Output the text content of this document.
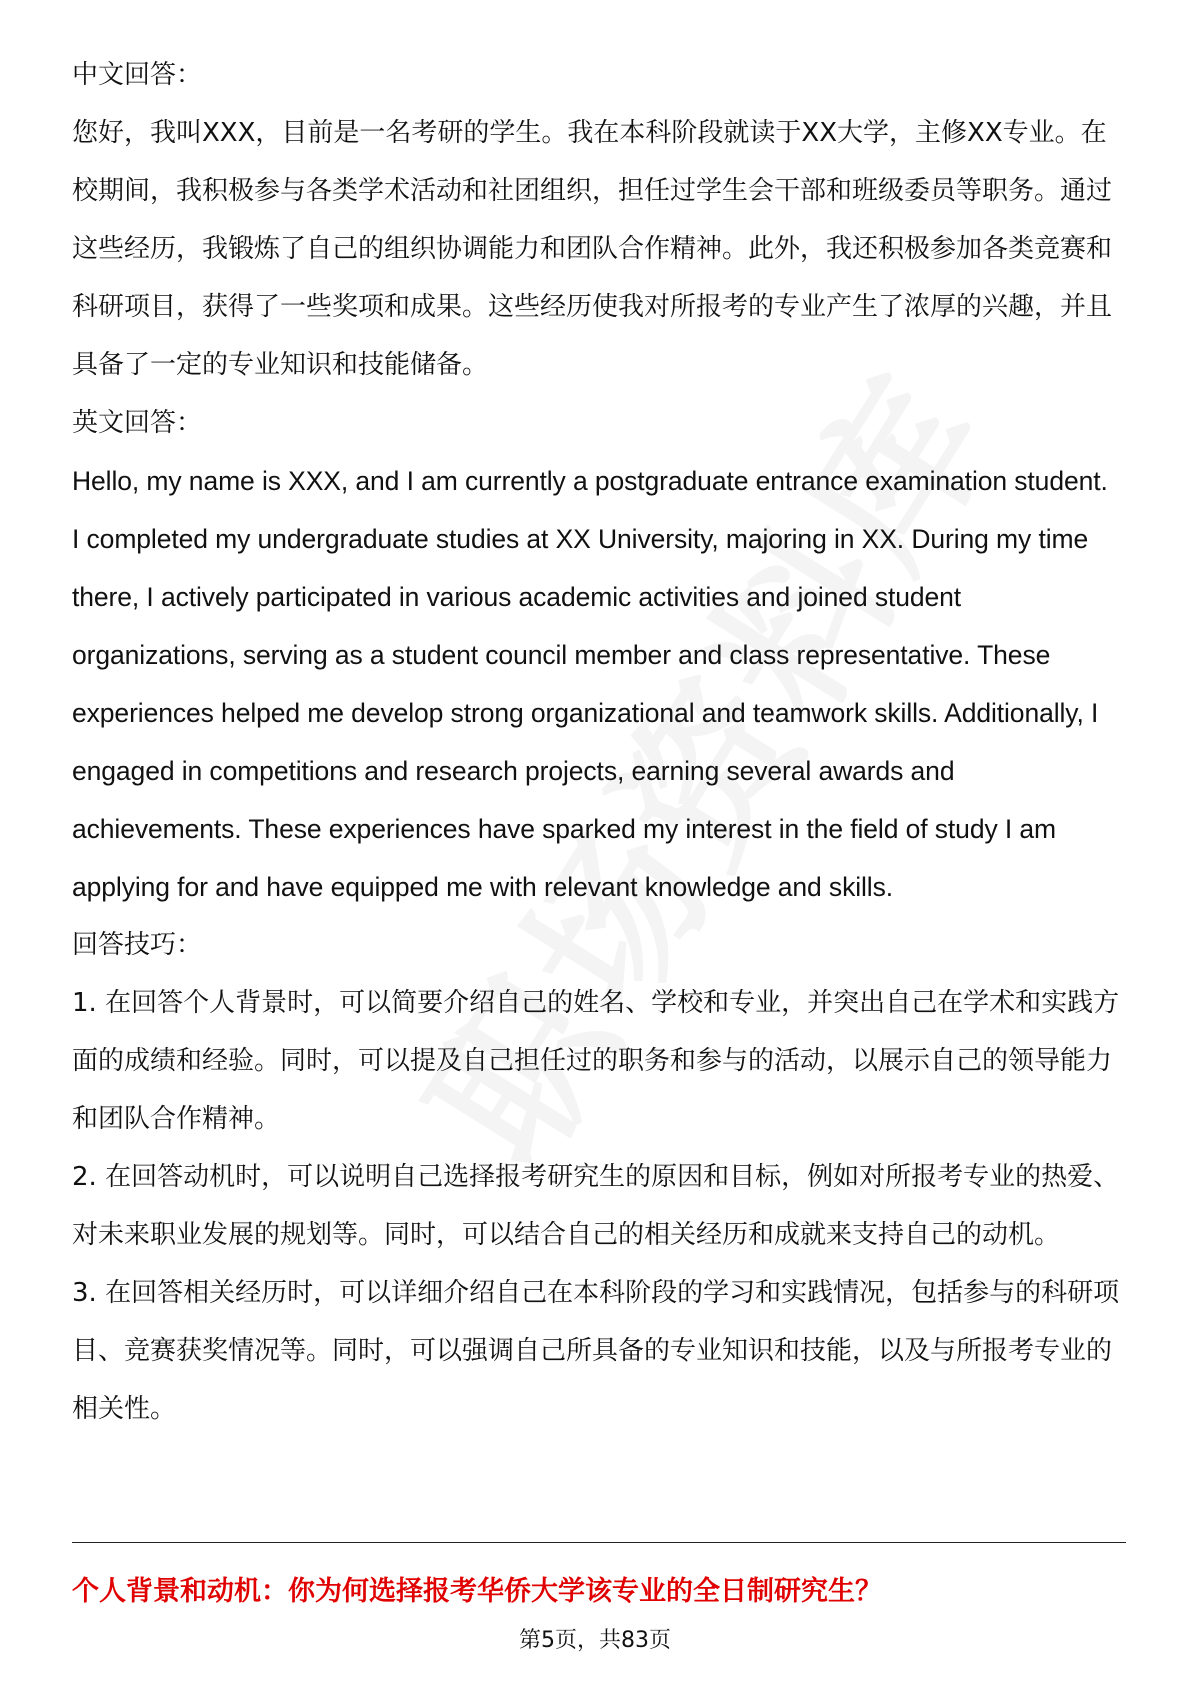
中文回答：

您好，我叫XXX，目前是一名考研的学生。我在本科阶段就读于XX大学，主修XX专业。在校期间，我积极参与各类学术活动和社团组织，担任过学生会干部和班级委员等职务。通过这些经历，我锻炼了自己的组织协调能力和团队合作精神。此外，我还积极参加各类竞赛和科研项目，获得了一些奖项和成果。这些经历使我对所报考的专业产生了浓厚的兴趣，并且具备了一定的专业知识和技能储备。

英文回答：

Hello, my name is XXX, and I am currently a postgraduate entrance examination student. I completed my undergraduate studies at XX University, majoring in XX. During my time there, I actively participated in various academic activities and joined student organizations, serving as a student council member and class representative. These experiences helped me develop strong organizational and teamwork skills. Additionally, I engaged in competitions and research projects, earning several awards and achievements. These experiences have sparked my interest in the field of study I am applying for and have equipped me with relevant knowledge and skills.

回答技巧：

1. 在回答个人背景时，可以简要介绍自己的姓名、学校和专业，并突出自己在学术和实践方面的成绩和经验。同时，可以提及自己担任过的职务和参与的活动，以展示自己的领导能力和团队合作精神。

2. 在回答动机时，可以说明自己选择报考研究生的原因和目标，例如对所报考专业的热爱、对未来职业发展的规划等。同时，可以结合自己的相关经历和成就来支持自己的动机。

3. 在回答相关经历时，可以详细介绍自己在本科阶段的学习和实践情况，包括参与的科研项目、竞赛获奖情况等。同时，可以强调自己所具备的专业知识和技能，以及与所报考专业的相关性。

个人背景和动机：你为何选择报考华侨大学该专业的全日制研究生？
第5页，共83页
